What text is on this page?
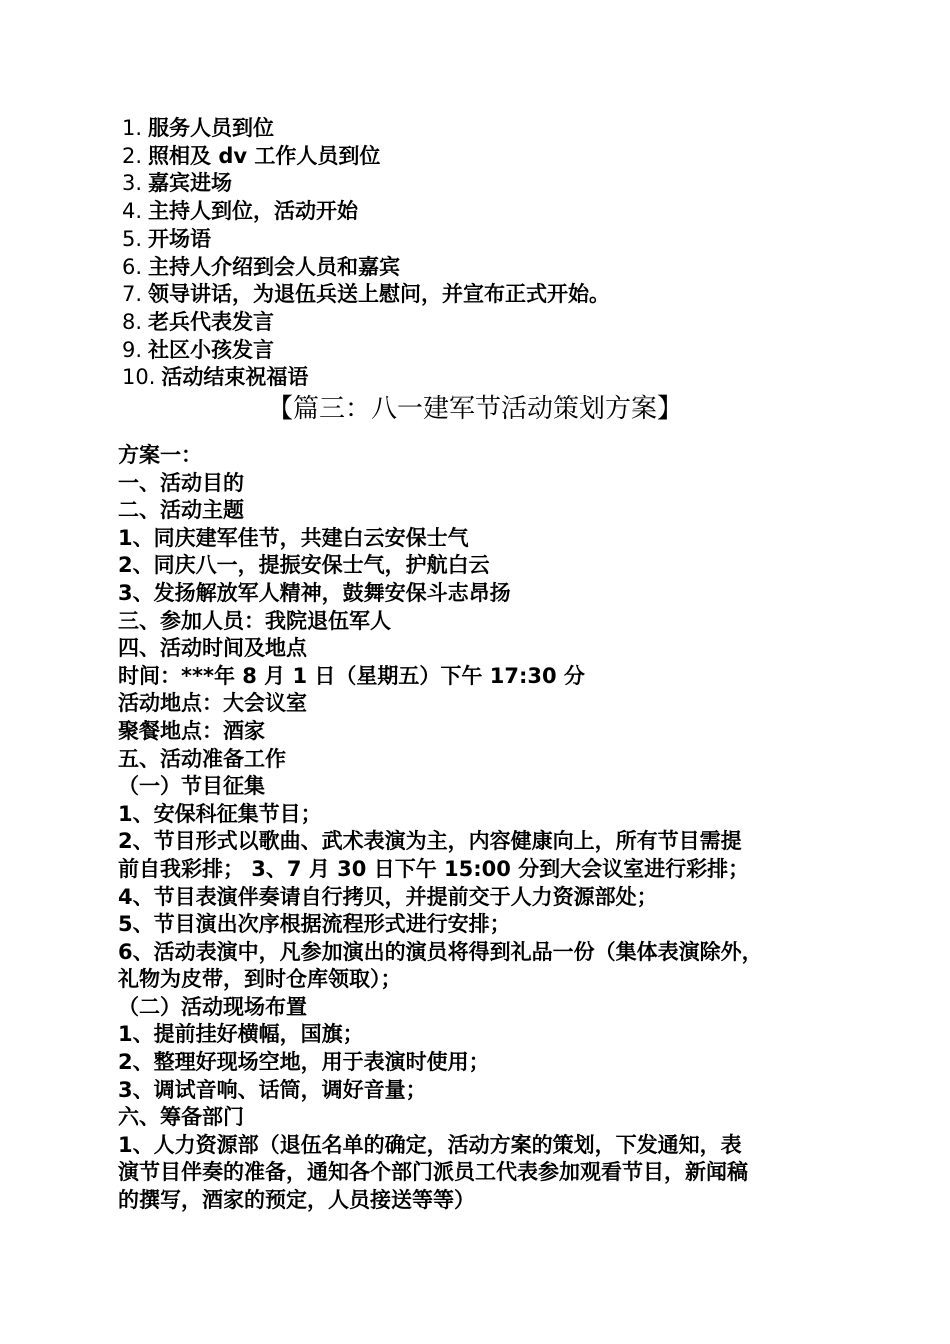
1. 服务人员到位
2. 照相及 dv 工作人员到位
3. 嘉宾进场
4. 主持人到位，活动开始
5. 开场语
6. 主持人介绍到会人员和嘉宾
7. 领导讲话，为退伍兵送上慰问，并宣布正式开始。
8. 老兵代表发言
9. 社区小孩发言
10. 活动结束祝福语
【篇三：八一建军节活动策划方案】
方案一：
一、活动目的
二、活动主题
1、同庆建军佳节，共建白云安保士气
2、同庆八一，提振安保士气，护航白云
3、发扬解放军人精神，鼓舞安保斗志昂扬
三、参加人员：我院退伍军人
四、活动时间及地点
时间：***年 8 月 1 日（星期五）下午 17:30 分
活动地点：大会议室
聚餐地点：酒家
五、活动准备工作
（一）节目征集
1、安保科征集节目；
2、节目形式以歌曲、武术表演为主，内容健康向上，所有节目需提
前自我彩排； 3、7 月 30 日下午 15:00 分到大会议室进行彩排；
4、节目表演伴奏请自行拷贝，并提前交于人力资源部处；
5、节目演出次序根据流程形式进行安排；
6、活动表演中，凡参加演出的演员将得到礼品一份（集体表演除外，
礼物为皮带，到时仓库领取）；
（二）活动现场布置
1、提前挂好横幅，国旗；
2、整理好现场空地，用于表演时使用；
3、调试音响、话筒，调好音量；
六、筹备部门
1、人力资源部（退伍名单的确定，活动方案的策划，下发通知，表
演节目伴奏的准备，通知各个部门派员工代表参加观看节目，新闻稿
的撰写，酒家的预定，人员接送等等）
